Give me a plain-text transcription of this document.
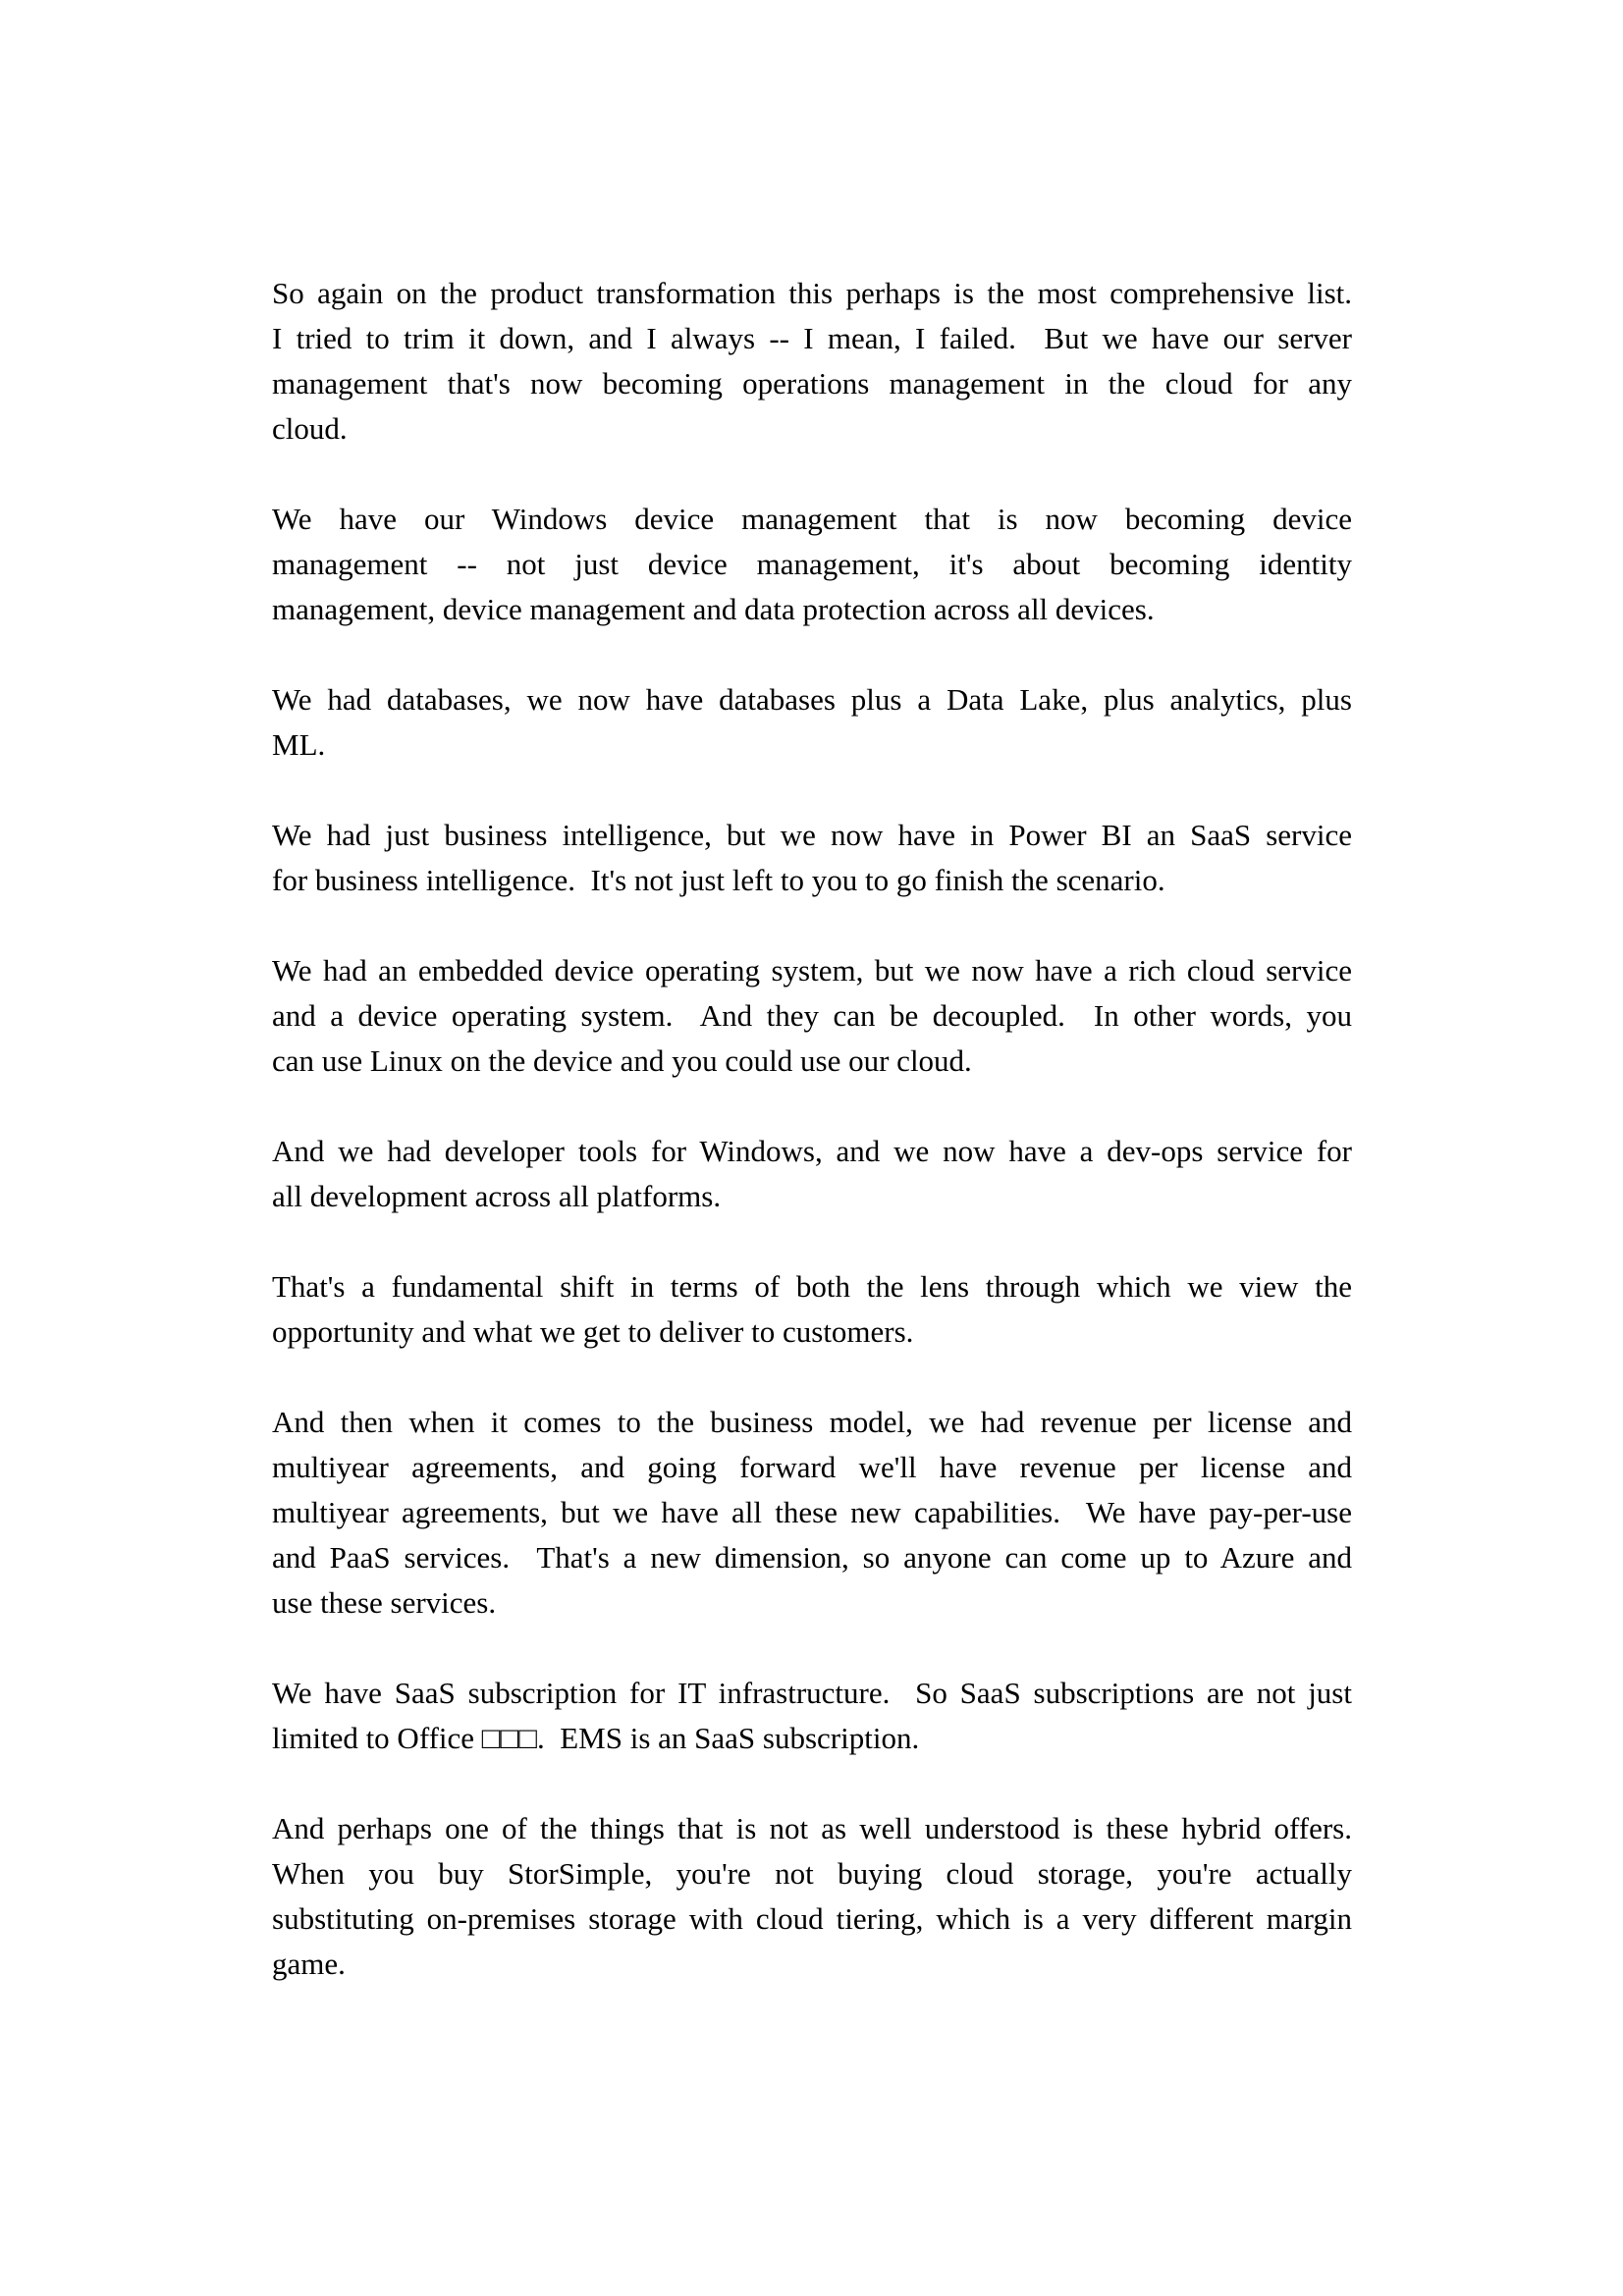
So again on the product transformation this perhaps is the most comprehensive list.
I tried to trim it down, and I always -- I mean, I failed.  But we have our server
management that's now becoming operations management in the cloud for any
cloud.
We have our Windows device management that is now becoming device
management -- not just device management, it's about becoming identity
management, device management and data protection across all devices.
We had databases, we now have databases plus a Data Lake, plus analytics, plus
ML.
We had just business intelligence, but we now have in Power BI an SaaS service
for business intelligence.  It's not just left to you to go finish the scenario.
We had an embedded device operating system, but we now have a rich cloud service
and a device operating system.  And they can be decoupled.  In other words, you
can use Linux on the device and you could use our cloud.
And we had developer tools for Windows, and we now have a dev-ops service for
all development across all platforms.
That's a fundamental shift in terms of both the lens through which we view the
opportunity and what we get to deliver to customers.
And then when it comes to the business model, we had revenue per license and
multiyear agreements, and going forward we'll have revenue per license and
multiyear agreements, but we have all these new capabilities.  We have pay-per-use
and PaaS services.  That's a new dimension, so anyone can come up to Azure and
use these services.
We have SaaS subscription for IT infrastructure.  So SaaS subscriptions are not just
limited to Office □□□.  EMS is an SaaS subscription.
And perhaps one of the things that is not as well understood is these hybrid offers.
When you buy StorSimple, you're not buying cloud storage, you're actually
substituting on-premises storage with cloud tiering, which is a very different margin
game.
